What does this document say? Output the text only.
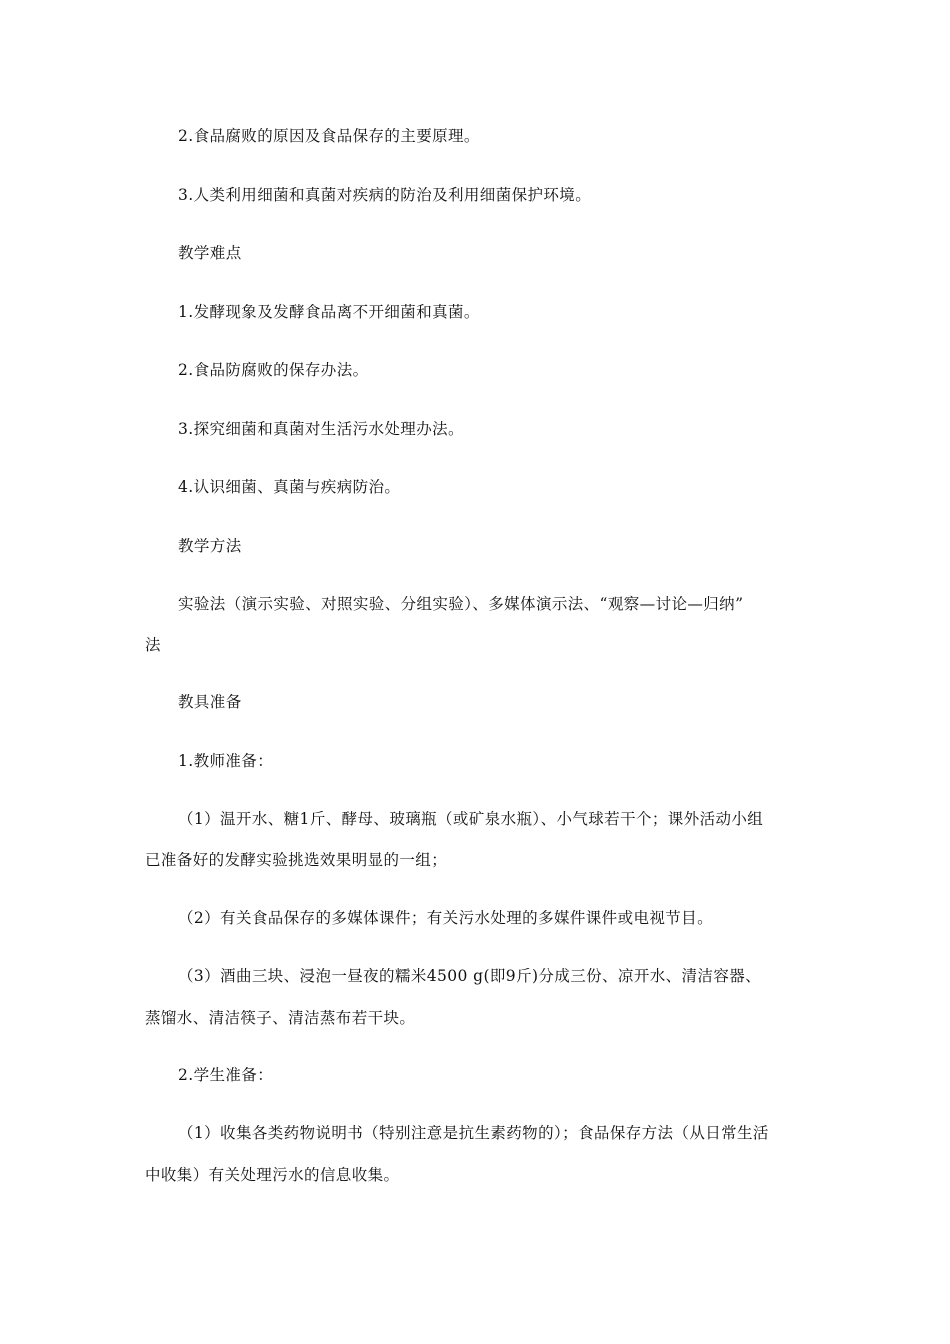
2.食品腐败的原因及食品保存的主要原理。
3.人类利用细菌和真菌对疾病的防治及利用细菌保护环境。
教学难点
1.发酵现象及发酵食品离不开细菌和真菌。
2.食品防腐败的保存办法。
3.探究细菌和真菌对生活污水处理办法。
4.认识细菌、真菌与疾病防治。
教学方法
实验法（演示实验、对照实验、分组实验）、多媒体演示法、“观察—讨论—归纳”
法
教具准备
1.教师准备：
（1）温开水、糖1斤、酵母、玻璃瓶（或矿泉水瓶）、小气球若干个；课外活动小组
已准备好的发酵实验挑选效果明显的一组；
（2）有关食品保存的多媒体课件；有关污水处理的多媒件课件或电视节目。
（3）酒曲三块、浸泡一昼夜的糯米4500 g(即9斤)分成三份、凉开水、清洁容器、
蒸馏水、清洁筷子、清洁蒸布若干块。
2.学生准备：
（1）收集各类药物说明书（特别注意是抗生素药物的）；食品保存方法（从日常生活
中收集）有关处理污水的信息收集。
